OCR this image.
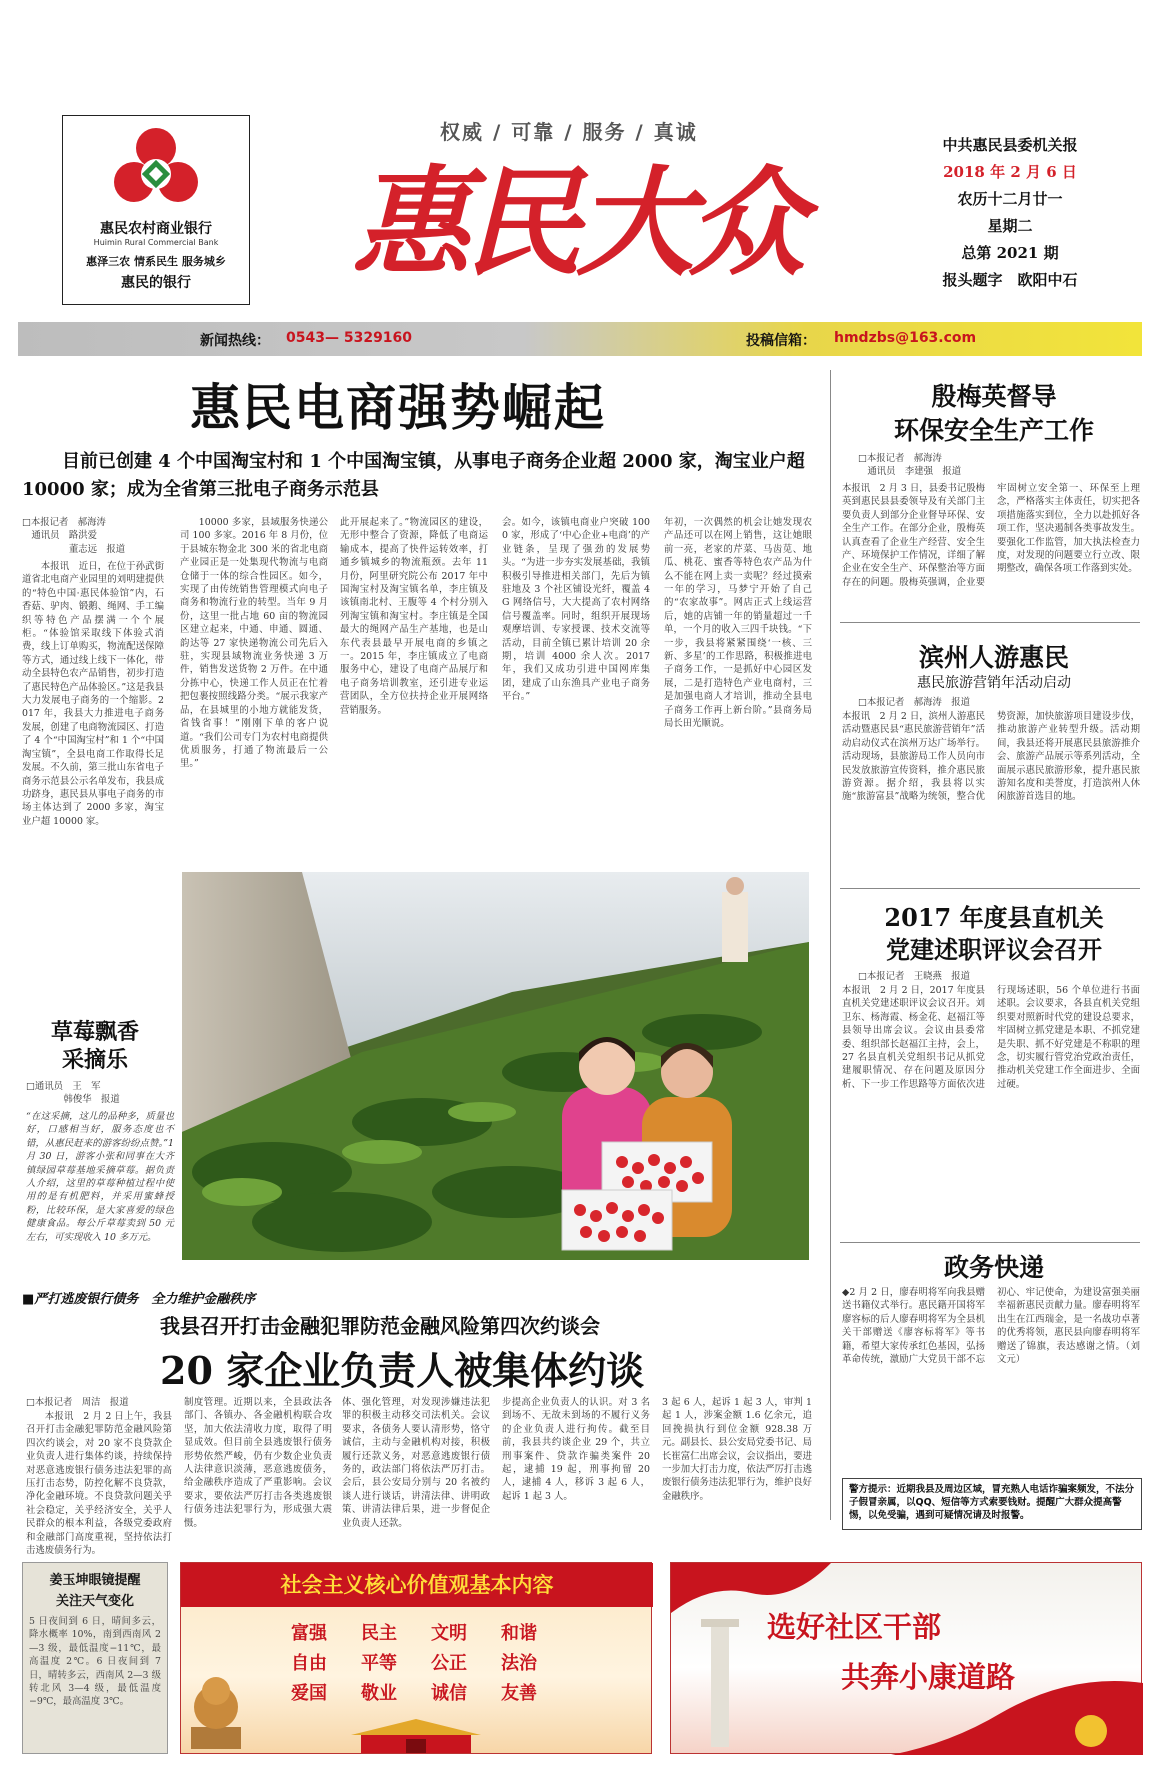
惠民农村商业银行
Huimin Rural Commercial Bank
惠泽三农 情系民生 服务城乡
惠民的银行
权威 / 可靠 / 服务 / 真诚
惠民大众
中共惠民县委机关报
2018 年 2 月 6 日
农历十二月廿一
星期二
总第 2021 期
报头题字　欧阳中石
新闻热线： 0543— 5329160	投稿信箱： hmdzbs@163.com
惠民电商强势崛起
目前已创建 4 个中国淘宝村和 1 个中国淘宝镇，从事电子商务企业超 2000 家，淘宝业户超 10000 家；成为全省第三批电子商务示范县
□本报记者　郝海涛
　通讯员　路洪爱
　　　　　董志远　报道
本报讯　近日，在位于孙武街道省北电商产业园里的刘明建提供的“特色中国·惠民体验馆”内，石香菇、驴肉、锻鹅、绳网、手工编织等特色产品摆满一个个展柜。“体验馆采取线下体验式消费，线上订单购买，物流配送保障等方式，通过线上线下一体化，带动全县特色农产品销售，初步打造了惠民特色产品体验区。”这是我县大力发展电子商务的一个缩影。2017 年，我县大力推进电子商务发展，创建了电商物流园区、打造了 4 个“中国淘宝村”和 1 个“中国淘宝镇”，全县电商工作取得长足发展。不久前，第三批山东省电子商务示范县公示名单发布，我县成功跻身，惠民县从事电子商务的市场主体达到了 2000 多家，淘宝业户超 10000 家。
10000 多家，县域服务快递公司 100 多家。2016 年 8 月份，位于县城东物金北 300 米的省北电商产业园正是一处集现代物流与电商仓储于一体的综合性园区。如今，实现了由传统销售管理模式向电子商务和物流行业的转型。当年 9 月份，这里一批占地 60 亩的物流园区建立起来，中通、申通、圆通、韵达等 27 家快递物流公司先后入驻，实现县域物流业务快递 3 万件，销售发送货物 2 万件。在中通分拣中心，快递工作人员正在忙着把包裹按照线路分类。“展示我家产品，在县城里的小地方就能发货，省钱省事！”刚刚下单的客户说道。“我们公司专门为农村电商提供优质服务，打通了物流最后一公里。”
此开展起来了。”物流园区的建设，无形中整合了资源，降低了电商运输成本，提高了快件运转效率，打通乡镇城乡的物流瓶颈。去年 11 月份，阿里研究院公布 2017 年中国淘宝村及淘宝镇名单，李庄镇及该镇南北村、王腹等 4 个村分别入列淘宝镇和淘宝村。李庄镇是全国最大的绳网产品生产基地，也是山东代表县最早开展电商的乡镇之一。2015 年，李庄镇成立了电商服务中心，建设了电商产品展厅和电子商务培训教室，还引进专业运营团队，全方位扶持企业开展网络营销服务。
会。如今，该镇电商业户突破 1000 家，形成了‘中心企业+电商’的产业链条，呈现了强劲的发展势头。“为进一步夯实发展基础，我镇积极引导推进相关部门，先后为镇驻地及 3 个社区铺设光纤，覆盖 4G 网络信号，大大提高了农村网络信号覆盖率。同时，组织开展现场观摩培训、专家授课、技术交流等活动，目前全镇已累计培训 20 余期，培训 4000 余人次。2017 年，我们又成功引进中国网库集团，建成了山东渔具产业电子商务平台。”
年初，一次偶然的机会让她发现农产品还可以在网上销售，这让她眼前一亮，老家的芹菜、马齿苋、地瓜、桃花、蜜香等特色农产品为什么不能在网上卖一卖呢？经过摸索一年的学习，马梦宁开始了自己的“农家故事”。网店正式上线运营后，她的店铺一年的销量超过一千单，一个月的收入三四千块钱。“下一步，我县将紧紧围绕‘一核、三新、多星’的工作思路，积极推进电子商务工作，一是抓好中心园区发展，二是打造特色产业电商村，三是加强电商人才培训，推动全县电子商务工作再上新台阶。”县商务局局长田光顺说。
殷梅英督导
环保安全生产工作
□本报记者　郝海涛
　通讯员　李建强　报道
本报讯　2 月 3 日，县委书记殷梅英到惠民县县委领导及有关部门主要负责人到部分企业督导环保、安全生产工作。在部分企业，殷梅英认真查看了企业生产经营、安全生产、环境保护工作情况，详细了解企业在安全生产、环保整治等方面存在的问题。殷梅英强调，企业要牢固树立安全第一、环保至上理念，严格落实主体责任，切实把各项措施落实到位，全力以赴抓好各项工作，坚决遏制各类事故发生。要强化工作监管，加大执法检查力度，对发现的问题要立行立改、限期整改，确保各项工作落到实处。
滨州人游惠民
惠民旅游营销年活动启动
□本报记者　郝海涛　报道
本报讯　2 月 2 日，滨州人游惠民活动暨惠民县“惠民旅游营销年”活动启动仪式在滨州万达广场举行。活动现场，县旅游局工作人员向市民发放旅游宣传资料，推介惠民旅游资源。据介绍，我县将以实施“旅游富县”战略为统领，整合优势资源，加快旅游项目建设步伐，推动旅游产业转型升级。活动期间，我县还将开展惠民县旅游推介会、旅游产品展示等系列活动，全面展示惠民旅游形象，提升惠民旅游知名度和美誉度，打造滨州人休闲旅游首选目的地。
2017 年度县直机关
党建述职评议会召开
□本报记者　王晓燕　报道
本报讯　2 月 2 日，2017 年度县直机关党建述职评议会议召开。刘卫东、杨海霞、杨金花、赵福江等县领导出席会议。会议由县委常委、组织部长赵福江主持，会上，27 名县直机关党组织书记从抓党建履职情况、存在问题及原因分析、下一步工作思路等方面依次进行现场述职，56 个单位进行书面述职。会议要求，各县直机关党组织要对照新时代党的建设总要求，牢固树立抓党建是本职、不抓党建是失职、抓不好党建是不称职的理念，切实履行管党治党政治责任，推动机关党建工作全面进步、全面过硬。
政务快递
◆2 月 2 日，廖春明将军向我县赠送书籍仪式举行。惠民籍开国将军廖容标的后人廖春明将军为全县机关干部赠送《廖容标将军》等书籍，希望大家传承红色基因，弘扬革命传统，激励广大党员干部不忘初心、牢记使命，为建设富强美丽幸福新惠民贡献力量。廖春明将军出生在江西瑞金，是一名战功卓著的优秀将领，惠民县向廖春明将军赠送了锦旗，表达感谢之情。（刘文元）
警方提示：近期我县及周边区域，冒充熟人电话诈骗案频发，不法分子假冒亲属，以QQ、短信等方式索要钱财。提醒广大群众提高警惕，以免受骗，遇到可疑情况请及时报警。
草莓飘香
采摘乐
□通讯员　王　军
　　　　韩俊华　报道
“在这采摘，这儿的品种多，质量也好，口感相当好，服务态度也不错，从惠民赶来的游客纷纷点赞。”1 月 30 日，游客小张和同事在大齐镇绿园草莓基地采摘草莓。据负责人介绍，这里的草莓种植过程中使用的是有机肥料，并采用蜜蜂授粉，比较环保，是大家喜爱的绿色健康食品。每公斤草莓卖到 50 元左右，可实现收入 10 多万元。
■严打逃废银行债务　全力维护金融秩序
我县召开打击金融犯罪防范金融风险第四次约谈会
20 家企业负责人被集体约谈
□本报记者　周洁　报道
本报讯　2 月 2 日上午，我县召开打击金融犯罪防范金融风险第四次约谈会，对 20 家不良贷款企业负责人进行集体约谈，持续保持对恶意逃废银行债务违法犯罪的高压打击态势，防控化解不良贷款，净化金融环境。不良贷款问题关乎社会稳定，关乎经济安全，关乎人民群众的根本利益，各级党委政府和金融部门高度重视，坚持依法打击逃废债务行为。
制度管理。近期以来，全县政法各部门、各镇办、各金融机构联合攻坚，加大依法清收力度，取得了明显成效。但目前全县逃废银行债务形势依然严峻，仍有少数企业负责人法律意识淡薄，恶意逃废债务，给金融秩序造成了严重影响。会议要求，要依法严厉打击各类逃废银行债务违法犯罪行为，形成强大震慑。
体、强化管理，对发现涉嫌违法犯罪的积极主动移交司法机关。会议要求，各债务人要认清形势，恪守诚信，主动与金融机构对接，积极履行还款义务，对恶意逃废银行债务的，政法部门将依法严厉打击。会后，县公安局分别与 20 名被约谈人进行谈话，讲清法律、讲明政策、讲清法律后果，进一步督促企业负责人还款。
步提高企业负责人的认识。对 3 名到场不、无故未到场的不履行义务的企业负责人进行拘传。截至目前，我县共约谈企业 29 个，共立刑事案件、贷款诈骗类案件 20 起，逮捕 19 起，刑事拘留 20 人，逮捕 4 人，移诉 3 起 6 人，起诉 1 起 3 人。
3 起 6 人，起诉 1 起 3 人，审判 1 起 1 人，涉案金额 1.6 亿余元，追回挽损执行到位金额 928.38 万元。副县长、县公安局党委书记、局长崔富仁出席会议，会议指出，要进一步加大打击力度，依法严厉打击逃废银行债务违法犯罪行为，维护良好金融秩序。
姜玉坤眼镜提醒
关注天气变化
5 日夜间到 6 日，晴间多云，降水概率 10%，南到西南风 2—3 级，最低温度−11℃，最高温度 2℃。6 日夜间到 7 日，晴转多云，西南风 2—3 级转北风 3—4 级，最低温度−9℃，最高温度 3℃。
社会主义核心价值观基本内容
富强 民主 文明 和谐
自由 平等 公正 法治
爱国 敬业 诚信 友善
选好社区干部
共奔小康道路
